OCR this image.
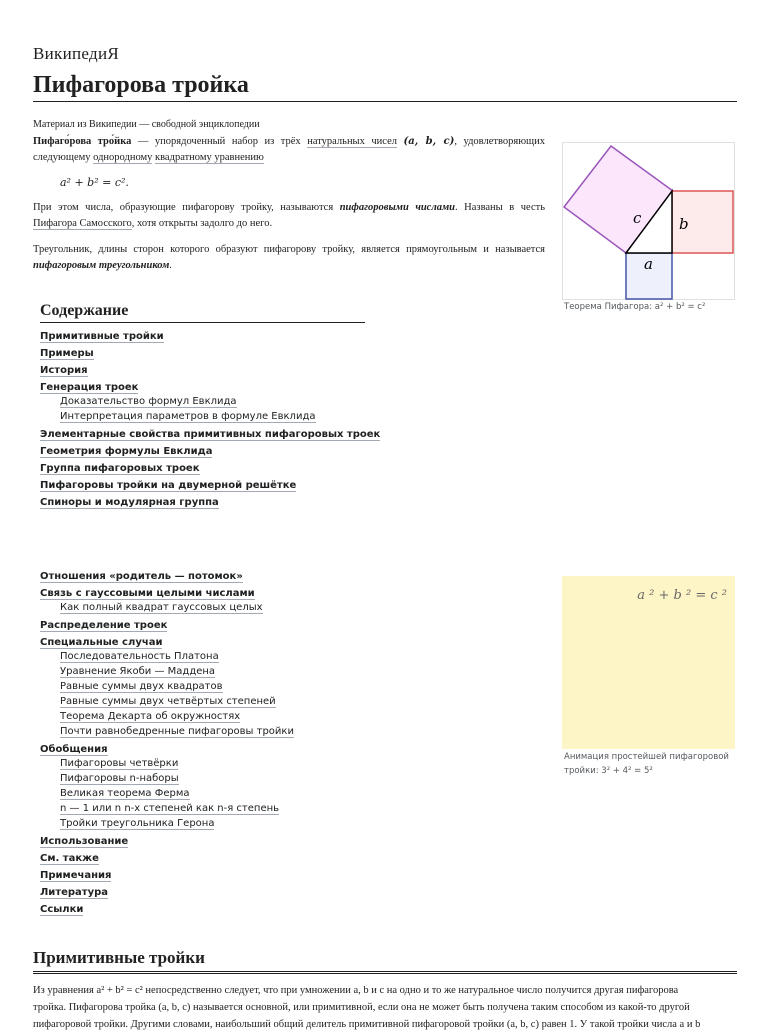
ВикипедиЯ
Пифагорова тройка
Материал из Википедии — свободной энциклопедии

Пифаго́рова тро́йка — упорядоченный набор из трёх натуральных чисел (a, b, c), удовлетворяющих следующему однородному квадратному уравнению

a² + b² = c².

При этом числа, образующие пифагорову тройку, называются пифагоровыми числами. Названы в честь Пифагора Самосского, хотя открыты задолго до него.

Треугольник, длины сторон которого образуют пифагорову тройку, является прямоугольным и называется пифагоровым треугольником.

c	b
a
Теорема Пифагора: a² + b² = c²
Содержание
Примитивные тройки
Примеры
История
Генерация троек
Доказательство формул Евклида
Интерпретация параметров в формуле Евклида
Элементарные свойства примитивных пифагоровых троек
Геометрия формулы Евклида
Группа пифагоровых троек
Пифагоровы тройки на двумерной решётке
Спиноры и модулярная группа
Отношения «родитель — потомок»
Связь с гауссовыми целыми числами
Как полный квадрат гауссовых целых
Распределение троек
Специальные случаи
Последовательность Платона
Уравнение Якоби — Маддена
Равные суммы двух квадратов
Равные суммы двух четвёртых степеней
Теорема Декарта об окружностях
Почти равнобедренные пифагоровы тройки
Обобщения
Пифагоровы четвёрки
Пифагоровы n-наборы
Великая теорема Ферма
n — 1 или n n-х степеней как n-я степень
Тройки треугольника Герона
Использование
См. также
Примечания
Литература
Ссылки
a ² + b ² = c ²
Анимация простейшей пифагоровой тройки: 3² + 4² = 5²
Примитивные тройки
Из уравнения a² + b² = c² непосредственно следует, что при умножении a, b и c на одно и то же натуральное число получится другая пифагорова
тройка. Пифагорова тройка (a, b, c) называется основной, или примитивной, если она не может быть получена таким способом из какой-то другой
пифагоровой тройки. Другими словами, наибольший общий делитель примитивной пифагоровой тройки (a, b, c) равен 1. У такой тройки числа a и b
